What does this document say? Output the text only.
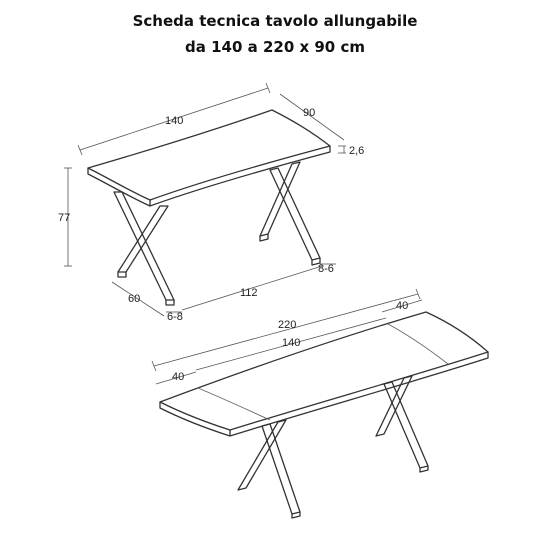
Scheda tecnica tavolo allungabile
da 140 a 220 x 90 cm
140
90
2,6
77
60	112
6-8
8-6
220
140
40
40
